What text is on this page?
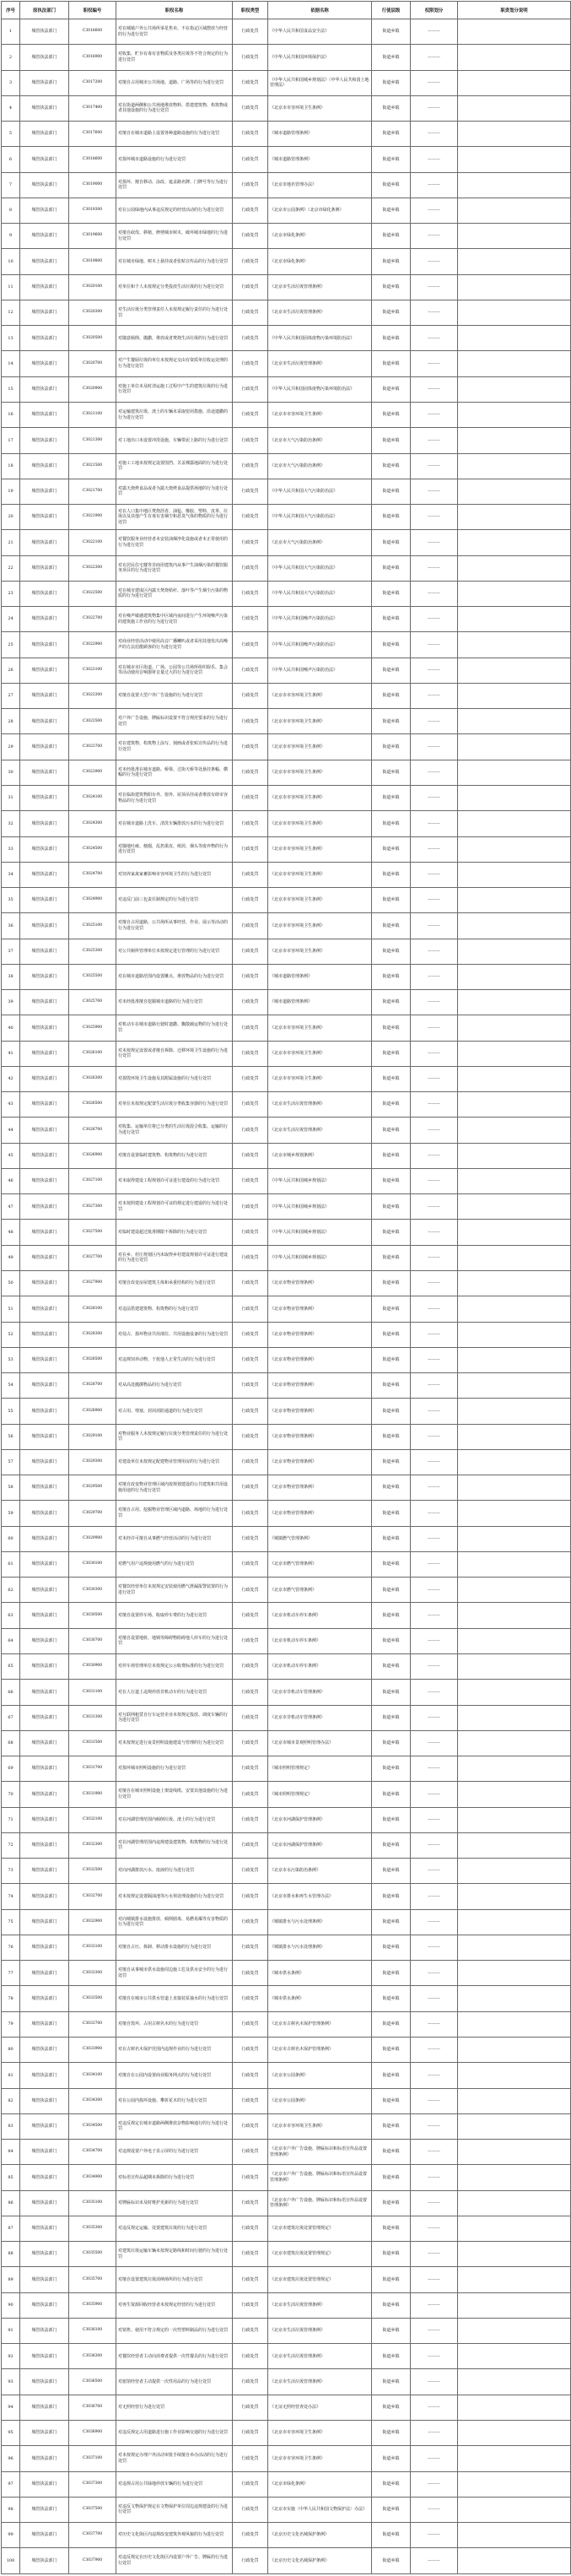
序号	原执法部门	职权编号	职权名称	职权类型	依据名称	行使层级	权限划分	职责划分说明
1	城管执法部门	C3016600	对在城镇户外公共场所零星售卖、不在指定区域摆放与经营的行为进行处罚	行政处罚	《中华人民共和国食品安全法》	街道乡镇	———	
2	城管执法部门	C3016900	对收集、贮存有毒有害物质及各类垃圾等不符合规定的行为进行处罚	行政处罚	《中华人民共和国环境保护法》	街道乡镇	———	
3	城管执法部门	C3017200	对擅自占用城市公共场地、道路、广场等的行为进行处罚	行政处罚	《中华人民共和国城乡规划法》（中华人民共和国土地管理法）	街道乡镇	———	
4	城管执法部门	C3017400	对在街道两侧和公共场地堆放物料、搭建建筑物、构筑物或者其他设施的行为进行处罚	行政处罚	《北京市市容环境卫生条例》	街道乡镇	———	
5	城管执法部门	C3017600	对擅自在城市道路上设置各种道路设施的行为进行处罚	行政处罚	《城市道路管理条例》	街道乡镇	———	
6	城管执法部门	C3018600	对损坏城市道路设施的行为进行处罚	行政处罚	《城市道路管理条例》	街道乡镇	———	
7	城管执法部门	C3019000	对损坏、擅自移动、涂改、遮盖路名牌、门牌号等行为进行处罚	行政处罚	《北京市地名管理办法》	街道乡镇	———	
8	城管执法部门	C3019300	对在公园绿地内从事违反规定的经营活动的行为进行处罚	行政处罚	《北京市公园条例》（北京市绿化条例）	街道乡镇	———	
9	城管执法部门	C3019600	对擅自砍伐、移植、修剪城市树木，破坏城市绿地的行为进行处罚	行政处罚	《北京市绿化条例》	街道乡镇	———	
10	城管执法部门	C3019800	对在城市绿地、树木上悬挂或者张贴宣传品的行为进行处罚	行政处罚	《北京市绿化条例》	街道乡镇	———	
11	城管执法部门	C3020100	对单位和个人未按规定分类投放生活垃圾的行为进行处罚	行政处罚	《北京市生活垃圾管理条例》	街道乡镇	———	
12	城管执法部门	C3020300	对生活垃圾分类管理责任人未按规定履行责任的行为进行处罚	行政处罚	《北京市生活垃圾管理条例》	街道乡镇	———	
13	城管执法部门	C3020500	对随意倾倒、抛撒、堆放或者焚烧生活垃圾的行为进行处罚	行政处罚	《中华人民共和国固体废物污染环境防治法》	街道乡镇	———	
14	城管执法部门	C3020700	对产生餐厨垃圾的单位未按规定交由有资质单位收运处理的行为进行处罚	行政处罚	《北京市生活垃圾管理条例》	街道乡镇	———	
15	城管执法部门	C3020900	对施工单位未及时清运施工过程中产生的建筑垃圾的行为进行处罚	行政处罚	《中华人民共和国固体废物污染环境防治法》	街道乡镇	———	
16	城管执法部门	C3021100	对运输建筑垃圾、渣土的车辆未采取密闭措施、沿途遗撒的行为进行处罚	行政处罚	《北京市市容环境卫生条例》	街道乡镇	———	
17	城管执法部门	C3021300	对工地出口未设置冲洗设施，车辆带泥上路的行为进行处罚	行政处罚	《北京市大气污染防治条例》	街道乡镇	———	
18	城管执法部门	C3021500	对施工工地未按规定设置围挡、苫盖裸露地面的行为进行处罚	行政处罚	《北京市大气污染防治条例》	街道乡镇	———	
19	城管执法部门	C3021700	对露天烧烤食品或者为露天烧烤食品提供场地的行为进行处罚	行政处罚	《中华人民共和国大气污染防治法》	街道乡镇	———	
20	城管执法部门	C3021900	对在人口集中地区焚烧沥青、油毡、橡胶、塑料、皮革、垃圾以及其他产生有毒有害烟尘和恶臭气体的物质的行为进行处罚	行政处罚	《中华人民共和国大气污染防治法》	街道乡镇	———	
21	城管执法部门	C3022100	对餐饮服务业经营者未安装油烟净化设施或者未正常使用的行为进行处罚	行政处罚	《北京市大气污染防治条例》	街道乡镇	———	
22	城管执法部门	C3022300	对在居民住宅楼等非商用建筑内从事产生油烟污染的餐饮服务项目的行为进行处罚	行政处罚	《中华人民共和国大气污染防治法》	街道乡镇	———	
23	城管执法部门	C3022500	对在城市建成区内露天焚烧秸秆、落叶等产生烟尘污染的物质的行为进行处罚	行政处罚	《中华人民共和国大气污染防治法》	街道乡镇	———	
24	城管执法部门	C3022700	对在噪声敏感建筑物集中区域内夜间进行产生环境噪声污染的建筑施工作业的行为进行处罚	行政处罚	《中华人民共和国噪声污染防治法》	街道乡镇	———	
25	城管执法部门	C3022900	对商业经营活动中使用高音广播喇叭或者采用其他发出高噪声的方法招揽顾客的行为进行处罚	行政处罚	《中华人民共和国噪声污染防治法》	街道乡镇	———	
26	城管执法部门	C3023100	对在城市市区街道、广场、公园等公共场所组织娱乐、集会等活动使用音响器材音量过大的行为进行处罚	行政处罚	《中华人民共和国噪声污染防治法》	街道乡镇	———	
27	城管执法部门	C3023300	对擅自设置大型户外广告设施的行为进行处罚	行政处罚	《北京市市容环境卫生条例》	街道乡镇	———	
28	城管执法部门	C3023500	对户外广告设施、牌匾标识设置不符合规范要求的行为进行处罚	行政处罚	《北京市市容环境卫生条例》	街道乡镇	———	
29	城管执法部门	C3023700	对在建筑物、构筑物上涂写、刻画或者张贴宣传品的行为进行处罚	行政处罚	《北京市市容环境卫生条例》	街道乡镇	———	
30	城管执法部门	C3023900	对未经批准在城市道路、桥梁、过街天桥等处悬挂条幅、横幅的行为进行处罚	行政处罚	《北京市市容环境卫生条例》	街道乡镇	———	
31	城管执法部门	C3024100	对在临街建筑物阳台外、窗外、屋顶吊挂或者堆放有碍市容物品的行为进行处罚	行政处罚	《北京市市容环境卫生条例》	街道乡镇	———	
32	城管执法部门	C3024300	对在城市道路上洗车、清洗车辆排放污水的行为进行处罚	行政处罚	《北京市市容环境卫生条例》	街道乡镇	———	
33	城管执法部门	C3024500	对随地吐痰、便溺，乱扔果皮、纸屑、烟头等废弃物的行为进行处罚	行政处罚	《北京市市容环境卫生条例》	街道乡镇	———	
34	城管执法部门	C3024700	对饲养家禽家畜影响市容环境卫生的行为进行处罚	行政处罚	《北京市市容环境卫生条例》	街道乡镇	———	
35	城管执法部门	C3024900	对违反门前三包责任制规定的行为进行处罚	行政处罚	《北京市市容环境卫生条例》	街道乡镇	———	
36	城管执法部门	C3025100	对擅自占用道路、公共场所从事经营、作业、展示等活动的行为进行处罚	行政处罚	《北京市市容环境卫生条例》	街道乡镇	———	
37	城管执法部门	C3025300	对公共厕所管理单位未按规定进行管理的行为进行处罚	行政处罚	《北京市市容环境卫生条例》	街道乡镇	———	
38	城管执法部门	C3025500	对在城市道路范围内设置摊点、堆放物品的行为进行处罚	行政处罚	《城市道路管理条例》	街道乡镇	———	
39	城管执法部门	C3025700	对未经批准擅自挖掘城市道路的行为进行处罚	行政处罚	《城市道路管理条例》	街道乡镇	———	
40	城管执法部门	C3025900	对机动车在城市道路行驶时遗撒、飘散载运物的行为进行处罚	行政处罚	《北京市市容环境卫生条例》	街道乡镇	———	
41	城管执法部门	C3026100	对未按规定设置或者擅自拆除、迁移环境卫生设施的行为进行处罚	行政处罚	《北京市市容环境卫生条例》	街道乡镇	———	
42	城管执法部门	C3026300	对损毁环境卫生设施及其附属设施的行为进行处罚	行政处罚	《北京市市容环境卫生条例》	街道乡镇	———	
43	城管执法部门	C3026500	对单位未按规定配置生活垃圾分类收集容器的行为进行处罚	行政处罚	《北京市生活垃圾管理条例》	街道乡镇	———	
44	城管执法部门	C3026700	对收集、运输单位将已分类的生活垃圾混合收集、运输的行为进行处罚	行政处罚	《北京市生活垃圾管理条例》	街道乡镇	———	
45	城管执法部门	C3026900	对擅自设置临时建筑物、构筑物的行为进行处罚	行政处罚	《北京市城乡规划条例》	街道乡镇	———	
46	城管执法部门	C3027100	对未取得建设工程规划许可证进行建设的行为进行处罚	行政处罚	《中华人民共和国城乡规划法》	街道乡镇	———	
47	城管执法部门	C3027300	对未按照建设工程规划许可证的规定进行建设的行为进行处罚	行政处罚	《中华人民共和国城乡规划法》	街道乡镇	———	
48	城管执法部门	C3027500	对临时建设超过批准期限不拆除的行为进行处罚	行政处罚	《中华人民共和国城乡规划法》	街道乡镇	———	
49	城管执法部门	C3027700	对在乡、村庄规划区内未取得乡村建设规划许可证进行建设的行为进行处罚	行政处罚	《中华人民共和国城乡规划法》	街道乡镇	———	
50	城管执法部门	C3027900	对擅自改变房屋建筑主体和承重结构的行为进行处罚	行政处罚	《北京市物业管理条例》	街道乡镇	———	
51	城管执法部门	C3028100	对违法搭建建筑物、构筑物的行为进行处罚	行政处罚	《北京市物业管理条例》	街道乡镇	———	
52	城管执法部门	C3028300	对侵占、损坏物业共用部位、共用设施设备的行为进行处罚	行政处罚	《北京市物业管理条例》	街道乡镇	———	
53	城管执法部门	C3028500	对违规饲养动物、干扰他人正常生活的行为进行处罚	行政处罚	《北京市物业管理条例》	街道乡镇	———	
54	城管执法部门	C3028700	对从高处抛掷物品的行为进行处罚	行政处罚	《北京市物业管理条例》	街道乡镇	———	
55	城管执法部门	C3028900	对占用、堵塞、封闭消防通道的行为进行处罚	行政处罚	《北京市物业管理条例》	街道乡镇	———	
56	城管执法部门	C3029100	对物业服务人未按规定履行垃圾分类管理责任的行为进行处罚	行政处罚	《北京市物业管理条例》	街道乡镇	———	
57	城管执法部门	C3029300	对建设单位未按规定配建物业管理用房的行为进行处罚	行政处罚	《北京市物业管理条例》	街道乡镇	———	
58	城管执法部门	C3029500	对擅自改变物业管理区域内按规划建设的公共建筑和共用设施用途的行为进行处罚	行政处罚	《北京市物业管理条例》	街道乡镇	———	
59	城管执法部门	C3029700	对擅自占用、挖掘物业管理区域内道路、场地的行为进行处罚	行政处罚	《北京市物业管理条例》	街道乡镇	———	
60	城管执法部门	C3029900	对未经许可擅自从事燃气经营活动的行为进行处罚	行政处罚	《城镇燃气管理条例》	街道乡镇	———	
61	城管执法部门	C3030100	对燃气用户违规使用燃气的行为进行处罚	行政处罚	《北京市燃气管理条例》	街道乡镇	———	
62	城管执法部门	C3030300	对餐饮经营单位未按规定安装使用燃气泄漏报警装置的行为进行处罚	行政处罚	《北京市燃气管理条例》	街道乡镇	———	
63	城管执法部门	C3030500	对擅自设置停车场、收取停车费的行为进行处罚	行政处罚	《北京市机动车停车条例》	街道乡镇	———	
64	城管执法部门	C3030700	对擅自设置地桩、地锁等障碍物阻碍他人停车的行为进行处罚	行政处罚	《北京市机动车停车条例》	街道乡镇	———	
65	城管执法部门	C3030900	对停车场管理单位未按规定公示收费标准的行为进行处罚	行政处罚	《北京市机动车停车条例》	街道乡镇	———	
66	城管执法部门	C3031100	对在人行道上违规停放非机动车的行为进行处罚	行政处罚	《北京市非机动车管理条例》	街道乡镇	———	
67	城管执法部门	C3031300	对互联网租赁自行车运营企业未按规定投放、调度车辆的行为进行处罚	行政处罚	《北京市非机动车管理条例》	街道乡镇	———	
68	城管执法部门	C3031500	对未按规定进行夜景照明设施建设与管理的行为进行处罚	行政处罚	《北京市城市景观照明管理办法》	街道乡镇	———	
69	城管执法部门	C3031700	对损坏城市照明设施的行为进行处罚	行政处罚	《城市照明管理规定》	街道乡镇	———	
70	城管执法部门	C3031900	对擅自在城市照明设施上架设线缆、安置其他设施的行为进行处罚	行政处罚	《城市照明管理规定》	街道乡镇	———	
71	城管执法部门	C3032100	对在河湖管理范围内倾倒垃圾、渣土的行为进行处罚	行政处罚	《北京市河湖保护管理条例》	街道乡镇	———	
72	城管执法部门	C3032300	对在河湖管理范围内违规建设建筑物、构筑物的行为进行处罚	行政处罚	《北京市河湖保护管理条例》	街道乡镇	———	
73	城管执法部门	C3032500	对向河湖排放污水、废液的行为进行处罚	行政处罚	《北京市水污染防治条例》	街道乡镇	———	
74	城管执法部门	C3032700	对未按规定设置隔油池等污水预处理设施的行为进行处罚	行政处罚	《北京市排水和再生水管理办法》	街道乡镇	———	
75	城管执法部门	C3032900	对向城镇排水设施排放、倾倒剧毒、易燃易爆等有害物质的行为进行处罚	行政处罚	《城镇排水与污水处理条例》	街道乡镇	———	
76	城管执法部门	C3033100	对擅自占压、拆卸、移动排水设施的行为进行处罚	行政处罚	《城镇排水与污水处理条例》	街道乡镇	———	
77	城管执法部门	C3033300	对擅自从事城市供水设施周边施工危及供水安全的行为进行处罚	行政处罚	《城市供水条例》	街道乡镇	———	
78	城管执法部门	C3033500	对擅自在城市公共供水管道上直接装泵抽水的行为进行处罚	行政处罚	《城市供水条例》	街道乡镇	———	
79	城管执法部门	C3033700	对擅自毁坏、占用古树名木的行为进行处罚	行政处罚	《北京市古树名木保护管理条例》	街道乡镇	———	
80	城管执法部门	C3033900	对在古树名木保护范围内违规作业的行为进行处罚	行政处罚	《北京市古树名木保护管理条例》	街道乡镇	———	
81	城管执法部门	C3034100	对擅自在公园内设置商业服务网点的行为进行处罚	行政处罚	《北京市公园条例》	街道乡镇	———	
82	城管执法部门	C3034300	对在公园内损坏设施、攀折花木的行为进行处罚	行政处罚	《北京市公园条例》	街道乡镇	———	
83	城管执法部门	C3034500	对违反规定在城市道路两侧堆放杂物影响通行的行为进行处罚	行政处罚	《北京市市容环境卫生条例》	街道乡镇	———	
84	城管执法部门	C3034700	对违规设置户外电子显示屏的行为进行处罚	行政处罚	《北京市户外广告设施、牌匾标识和标语宣传品设置管理条例》	街道乡镇	———	
85	城管执法部门	C3034900	对标语宣传品超期未拆除的行为进行处罚	行政处罚	《北京市户外广告设施、牌匾标识和标语宣传品设置管理条例》	街道乡镇	———	
86	城管执法部门	C3035100	对牌匾标识未及时维护更新的行为进行处罚	行政处罚	《北京市户外广告设施、牌匾标识和标语宣传品设置管理条例》	街道乡镇	———	
87	城管执法部门	C3035300	对违反规定运输、处置建筑垃圾的行为进行处罚	行政处罚	《北京市建筑垃圾处置管理规定》	街道乡镇	———	
88	城管执法部门	C3035500	对建筑垃圾运输车辆未按规定路线和时间行驶的行为进行处罚	行政处罚	《北京市建筑垃圾处置管理规定》	街道乡镇	———	
89	城管执法部门	C3035700	对擅自设置建筑垃圾消纳场所的行为进行处罚	行政处罚	《北京市建筑垃圾处置管理规定》	街道乡镇	———	
90	城管执法部门	C3035900	对再生资源回收经营者未按规定经营的行为进行处罚	行政处罚	《北京市生活垃圾管理条例》	街道乡镇	———	
91	城管执法部门	C3036100	对销售、使用不符合规定的一次性塑料制品的行为进行处罚	行政处罚	《北京市生活垃圾管理条例》	街道乡镇	———	
92	城管执法部门	C3036300	对餐饮经营者主动向消费者提供一次性餐具的行为进行处罚	行政处罚	《北京市生活垃圾管理条例》	街道乡镇	———	
93	城管执法部门	C3036500	对旅馆经营者主动提供一次性用品的行为进行处罚	行政处罚	《北京市生活垃圾管理条例》	街道乡镇	———	
94	城管执法部门	C3036700	对无照经营行为进行处罚	行政处罚	《无证无照经营查处办法》	街道乡镇	———	
95	城管执法部门	C3036900	对违反规定占用道路进行施工作业影响交通的行为进行处罚	行政处罚	《北京市市容环境卫生条例》	街道乡镇	———	
96	城管执法部门	C3037100	对未按规定办理户外活动审批手续擅自举办活动的行为进行处罚	行政处罚	《北京市市容环境卫生条例》	街道乡镇	———	
97	城管执法部门	C3037300	对违规占用公共绿地停放车辆的行为进行处罚	行政处罚	《北京市绿化条例》	街道乡镇	———	
98	城管执法部门	C3037500	对违反文物保护规定在文物保护单位周边违规建设的行为进行处罚	行政处罚	《北京市实施〈中华人民共和国文物保护法〉办法》	街道乡镇	———	
99	城管执法部门	C3037700	对历史文化街区内违规改变建筑外观风貌的行为进行处罚	行政处罚	《北京历史文化名城保护条例》	街道乡镇	———	
100	城管执法部门	C3037900	对违反规定在历史文化街区内设置户外广告、牌匾的行为进行处罚	行政处罚	《北京历史文化名城保护条例》	街道乡镇	———	
